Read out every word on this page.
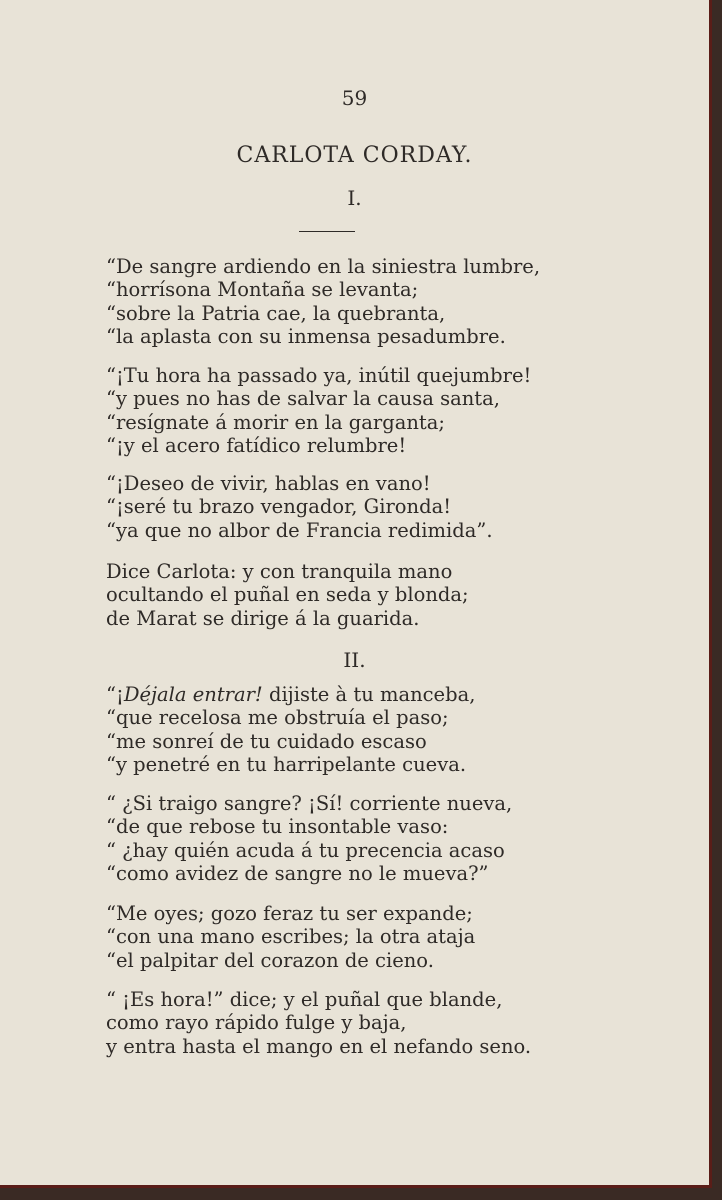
59
CARLOTA CORDAY.
I.
“De sangre ardiendo en la siniestra lumbre,
“horrísona Montaña se levanta;
“sobre la Patria cae, la quebranta,
“la aplasta con su inmensa pesadumbre.
“¡Tu hora ha passado ya, inútil quejumbre!
“y pues no has de salvar la causa santa,
“resígnate á morir en la garganta;
“¡y el acero fatídico relumbre!
“¡Deseo de vivir, hablas en vano!
“¡seré tu brazo vengador, Gironda!
“ya que no albor de Francia redimida”.
Dice Carlota: y con tranquila mano
ocultando el puñal en seda y blonda;
de Marat se dirige á la guarida.
II.
“¡Déjala entrar! dijiste à tu manceba,
“que recelosa me obstruía el paso;
“me sonreí de tu cuidado escaso
“y penetré en tu harripelante cueva.
“ ¿Si traigo sangre? ¡Sí! corriente nueva,
“de que rebose tu insontable vaso:
“ ¿hay quién acuda á tu precencia acaso
“como avidez de sangre no le mueva?”
“Me oyes; gozo feraz tu ser expande;
“con una mano escribes; la otra ataja
“el palpitar del corazon de cieno.
“ ¡Es hora!” dice; y el puñal que blande,
como rayo rápido fulge y baja,
y entra hasta el mango en el nefando seno.
